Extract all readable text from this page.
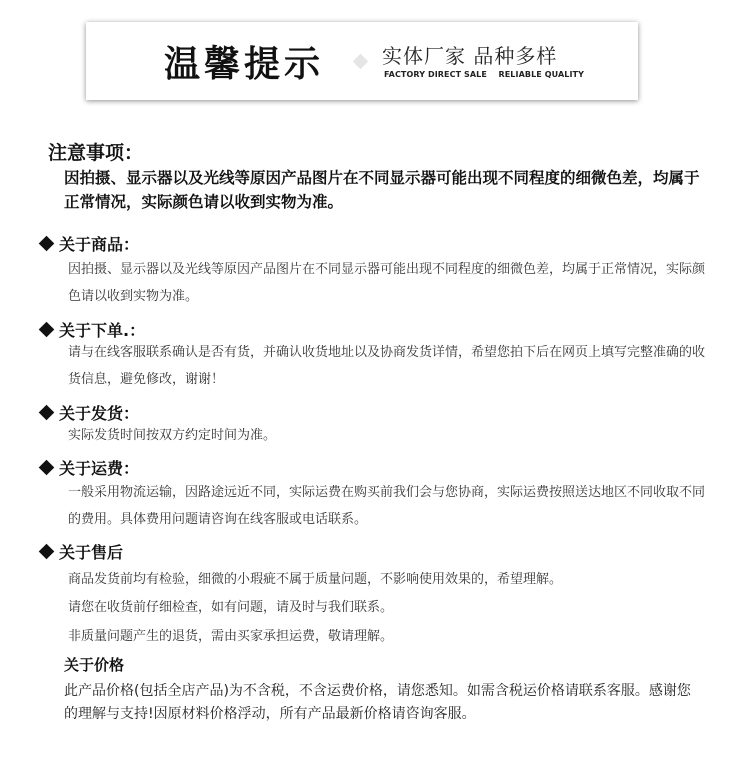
温馨提示	实体厂家 品种多样
FACTORY DIRECT SALE    RELIABLE QUALITY
注意事项：
因拍摄、显示器以及光线等原因产品图片在不同显示器可能出现不同程度的细微色差，均属于正常情况，实际颜色请以收到实物为准。
关于商品 ：
因拍摄、显示器以及光线等原因产品图片在不同显示器可能出现不同程度的细微色差，均属于正常情况，实际颜色请以收到实物为准。
关于下单 .：
请与在线客服联系确认是否有货，并确认收货地址以及协商发货详情，希望您拍下后在网页上填写完整准确的收货信息，避免修改，谢谢！
关于发货 ：
实际发货时间按双方约定时间为准。
关于运费 ：
一般采用物流运输，因路途远近不同，实际运费在购买前我们会与您协商，实际运费按照送达地区不同收取不同的费用。具体费用问题请咨询在线客服或电话联系。
关于售后
商品发货前均有检验，细微的小瑕疵不属于质量问题，不影响使用效果的，希望理解。
请您在收货前仔细检查，如有问题，请及时与我们联系。
非质量问题产生的退货，需由买家承担运费，敬请理解。
关于价格
此产品价格(包括全店产品)为不含税，不含运费价格，请您悉知。如需含税运价格请联系客服。感谢您的理解与支持!因原材料价格浮动，所有产品最新价格请咨询客服。
